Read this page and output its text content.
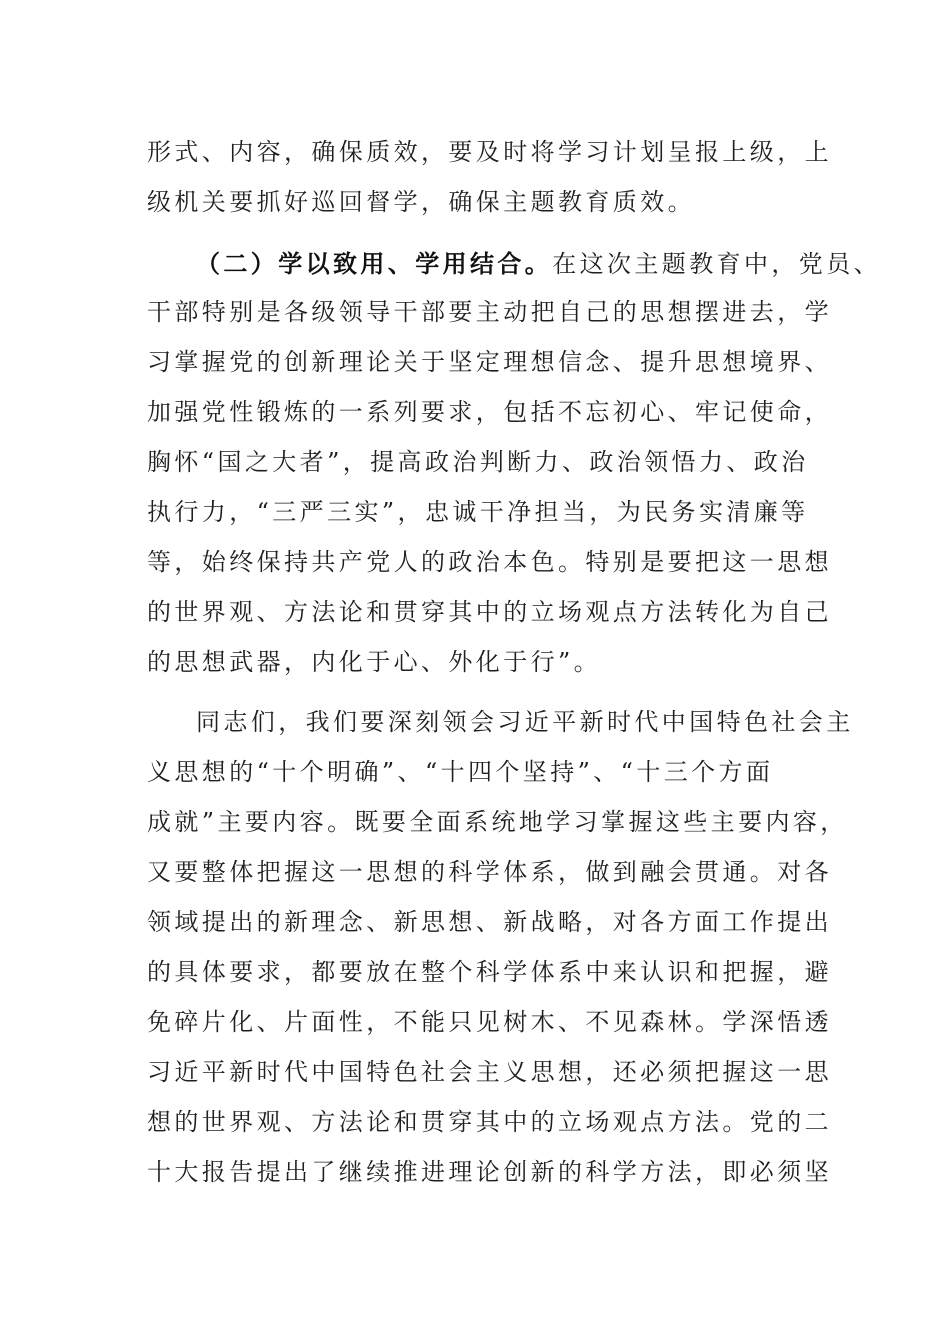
形式、内容，确保质效，要及时将学习计划呈报上级，上
级机关要抓好巡回督学，确保主题教育质效。
（二）学以致用、学用结合。在这次主题教育中，党员、
干部特别是各级领导干部要主动把自己的思想摆进去，学
习掌握党的创新理论关于坚定理想信念、提升思想境界、
加强党性锻炼的一系列要求，包括不忘初心、牢记使命，
胸怀“国之大者”，提高政治判断力、政治领悟力、政治
执行力，“三严三实”，忠诚干净担当，为民务实清廉等
等，始终保持共产党人的政治本色。特别是要把这一思想
的世界观、方法论和贯穿其中的立场观点方法转化为自己
的思想武器，内化于心、外化于行”。
同志们，我们要深刻领会习近平新时代中国特色社会主
义思想的“十个明确”、“十四个坚持”、“十三个方面
成就”主要内容。既要全面系统地学习掌握这些主要内容，
又要整体把握这一思想的科学体系，做到融会贯通。对各
领域提出的新理念、新思想、新战略，对各方面工作提出
的具体要求，都要放在整个科学体系中来认识和把握，避
免碎片化、片面性，不能只见树木、不见森林。学深悟透
习近平新时代中国特色社会主义思想，还必须把握这一思
想的世界观、方法论和贯穿其中的立场观点方法。党的二
十大报告提出了继续推进理论创新的科学方法，即必须坚
